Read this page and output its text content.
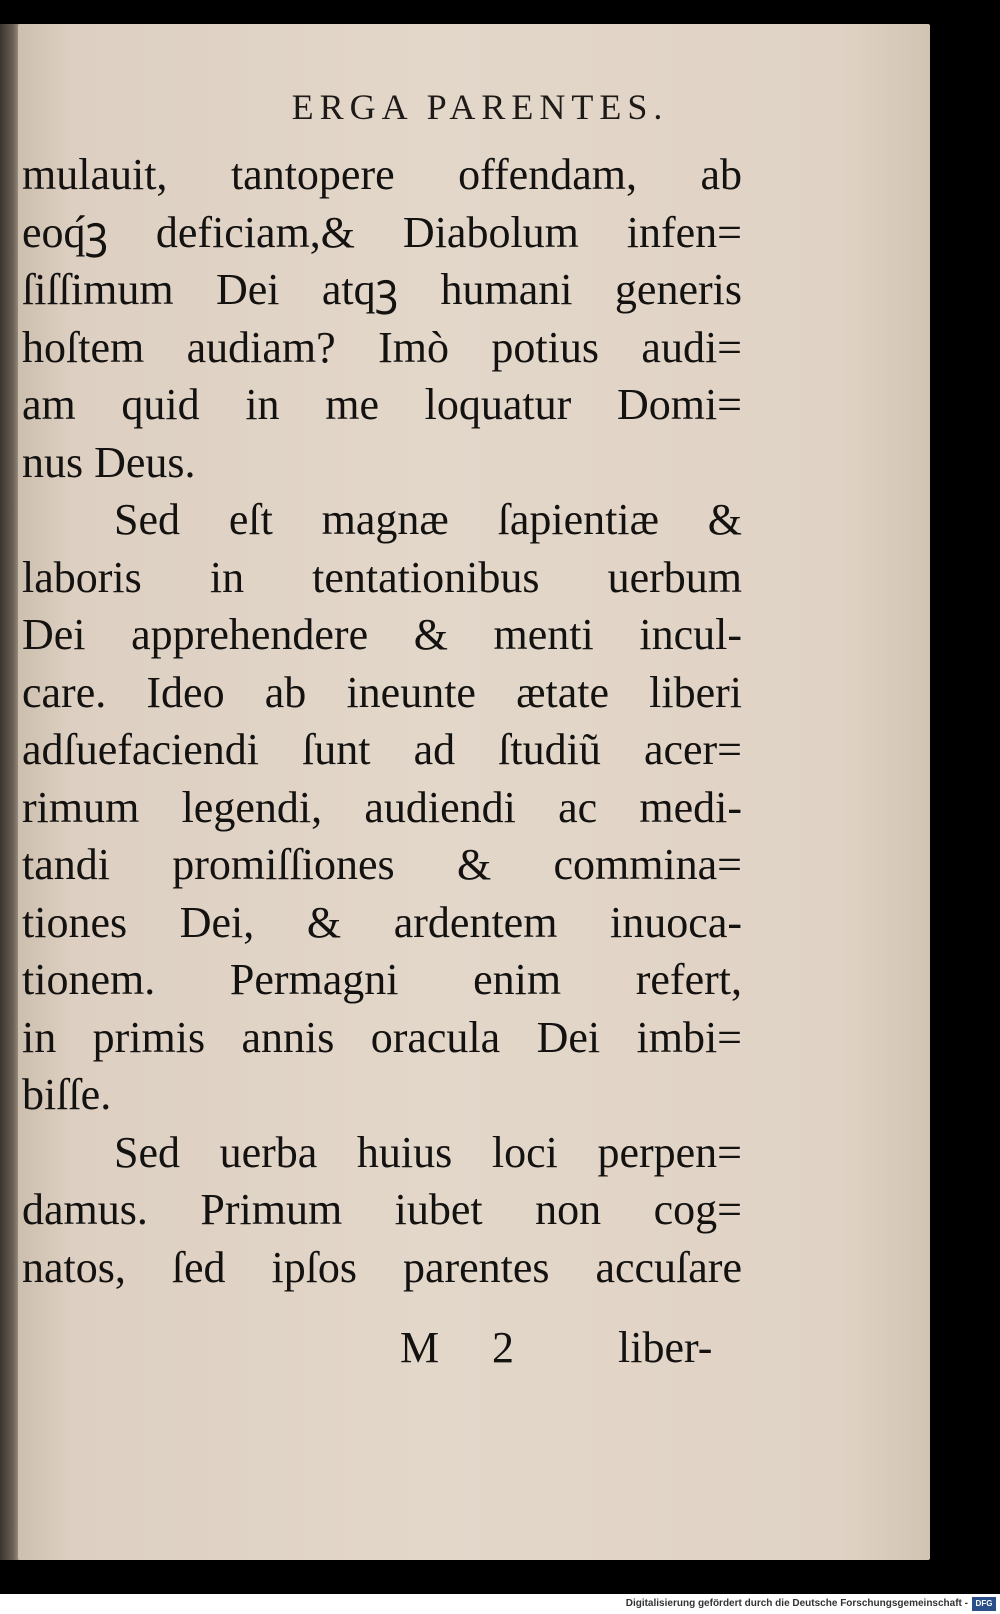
ERGA PARENTES.
mulauit, tantopere offendam, ab
eoq́ꝫ deficiam,& Diabolum infen=
ſiſſimum Dei atqꝫ humani generis
hoſtem audiam? Imò potius audi=
am quid in me loquatur Domi=
nus Deus.
Sed eſt magnæ ſapientiæ &
laboris in tentationibus uerbum
Dei apprehendere & menti incul-
care. Ideo ab ineunte ætate liberi
adſuefaciendi ſunt ad ſtudiũ acer=
rimum legendi, audiendi ac medi-
tandi promiſſiones & commina=
tiones Dei, & ardentem inuoca-
tionem. Permagni enim refert,
in primis annis oracula Dei imbi=
biſſe.
Sed uerba huius loci perpen=
damus. Primum iubet non cog=
natos, ſed ipſos parentes accuſare
M 2 liber-
Digitalisierung gefördert durch die Deutsche Forschungsgemeinschaft - DFG
